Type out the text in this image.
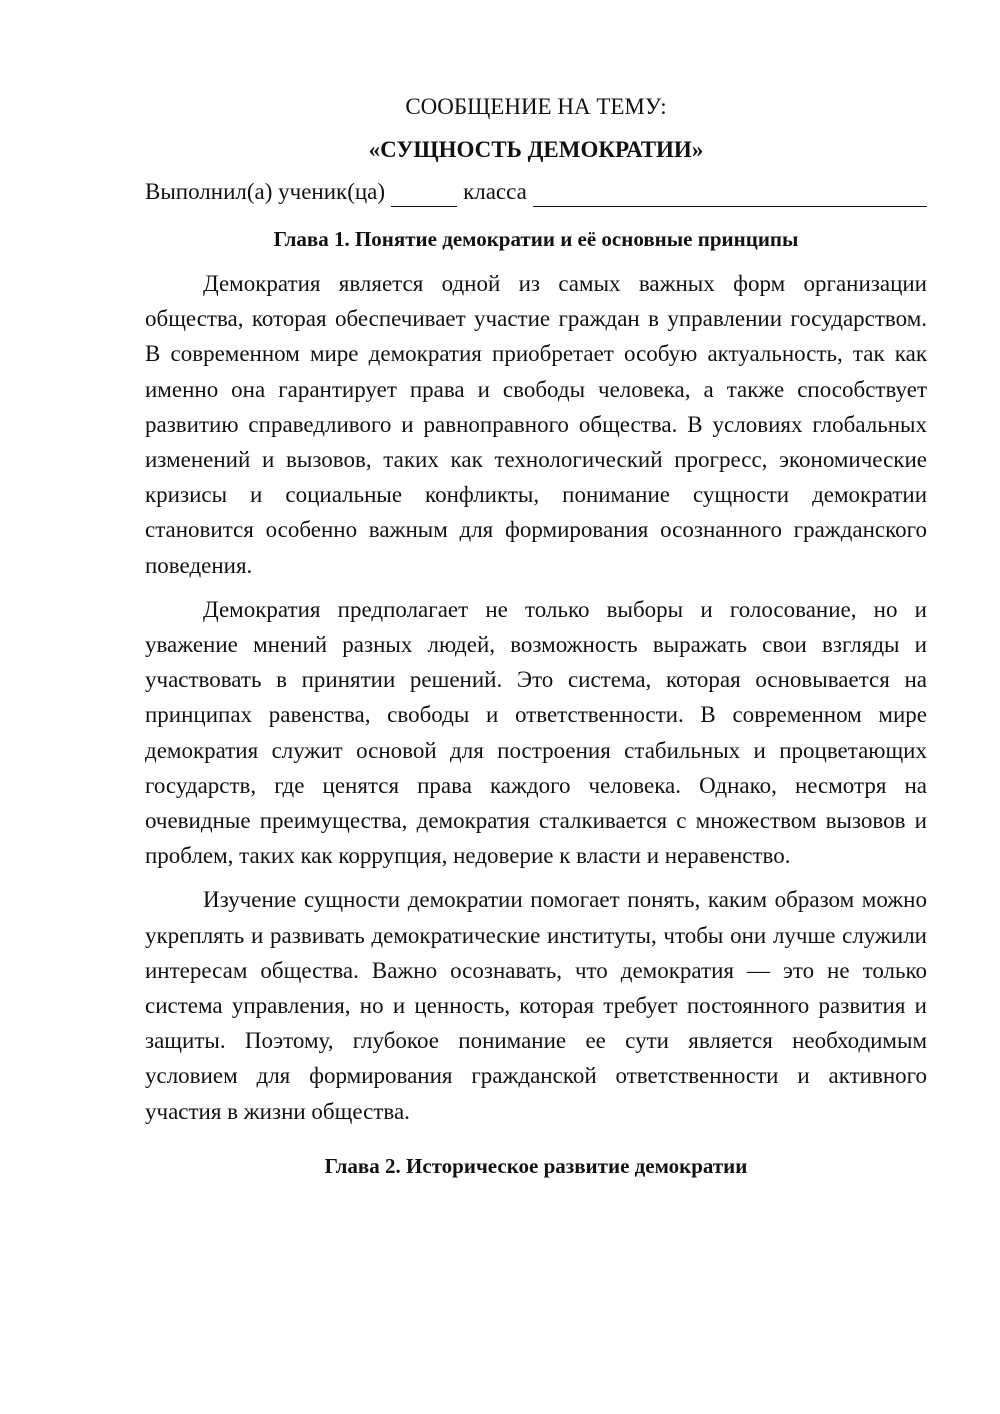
СООБЩЕНИЕ НА ТЕМУ:

«СУЩНОСТЬ ДЕМОКРАТИИ»

Выполнил(а) ученик(ца)	класса
Глава 1. Понятие демократии и её основные принципы

Демократия является одной из самых важных форм организации общества, которая обеспечивает участие граждан в управлении государством. В современном мире демократия приобретает особую актуальность, так как именно она гарантирует права и свободы человека, а также способствует развитию справедливого и равноправного общества. В условиях глобальных изменений и вызовов, таких как технологический прогресс, экономические кризисы и социальные конфликты, понимание сущности демократии становится особенно важным для формирования осознанного гражданского поведения.

Демократия предполагает не только выборы и голосование, но и уважение мнений разных людей, возможность выражать свои взгляды и участвовать в принятии решений. Это система, которая основывается на принципах равенства, свободы и ответственности. В современном мире демократия служит основой для построения стабильных и процветающих государств, где ценятся права каждого человека. Однако, несмотря на очевидные преимущества, демократия сталкивается с множеством вызовов и проблем, таких как коррупция, недоверие к власти и неравенство.

Изучение сущности демократии помогает понять, каким образом можно укреплять и развивать демократические институты, чтобы они лучше служили интересам общества. Важно осознавать, что демократия — это не только система управления, но и ценность, которая требует постоянного развития и защиты. Поэтому, глубокое понимание ее сути является необходимым условием для формирования гражданской ответственности и активного участия в жизни общества.

Глава 2. Историческое развитие демократии
